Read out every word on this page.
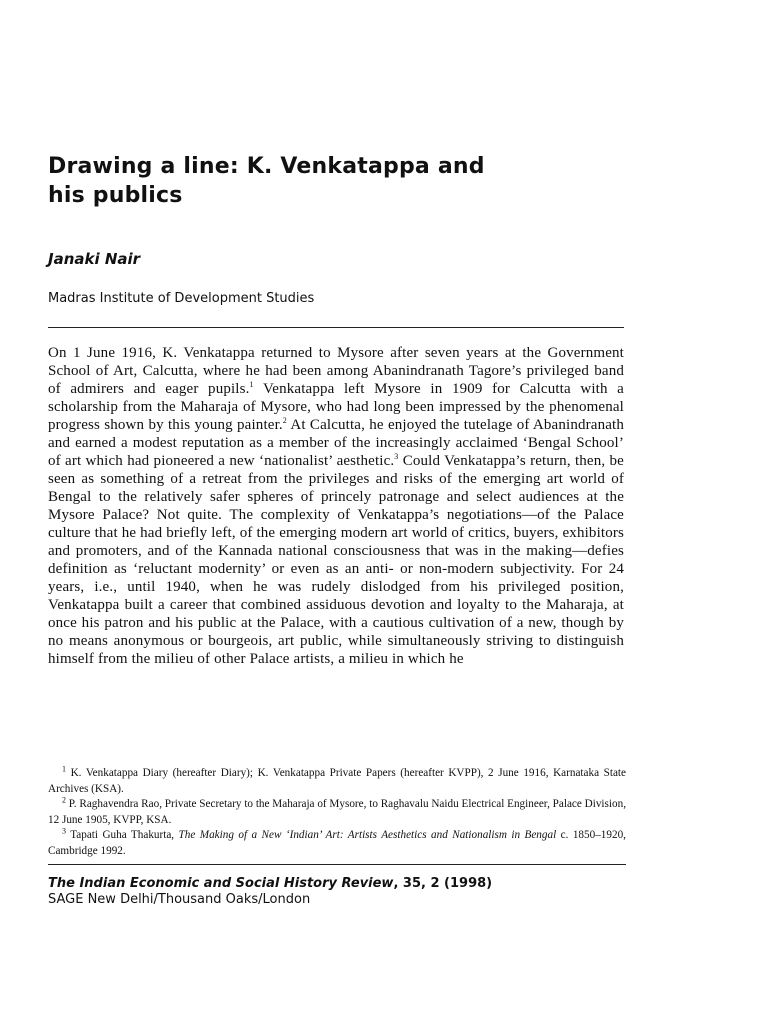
Drawing a line: K. Venkatappa and
his publics

Janaki Nair

Madras Institute of Development Studies

On 1 June 1916, K. Venkatappa returned to Mysore after seven years at the Government School of Art, Calcutta, where he had been among Abanindranath Tagore’s privileged band of admirers and eager pupils.$^1$ Venkatappa left Mysore in 1909 for Calcutta with a scholarship from the Maharaja of Mysore, who had long been impressed by the phenomenal progress shown by this young painter.$^2$ At Calcutta, he enjoyed the tutelage of Abanindranath and earned a modest reputation as a member of the increasingly acclaimed ‘Bengal School’ of art which had pioneered a new ‘nationalist’ aesthetic.$^3$ Could Venkatappa’s return, then, be seen as something of a retreat from the privileges and risks of the emerging art world of Bengal to the relatively safer spheres of princely patronage and select audiences at the Mysore Palace? Not quite. The complexity of Venkatappa’s negotiations—of the Palace culture that he had briefly left, of the emerging modern art world of critics, buyers, exhibitors and promoters, and of the Kannada national consciousness that was in the making—defies definition as ‘reluctant modernity’ or even as an anti- or non-modern subjectivity. For 24 years, i.e., until 1940, when he was rudely dislodged from his privileged position, Venkatappa built a career that combined assiduous devotion and loyalty to the Maharaja, at once his patron and his public at the Palace, with a cautious cultivation of a new, though by no means anonymous or bourgeois, art public, while simultaneously striving to distinguish himself from the milieu of other Palace artists, a milieu in which he

$^1$ K. Venkatappa Diary (hereafter Diary); K. Venkatappa Private Papers (hereafter KVPP), 2 June 1916, Karnataka State Archives (KSA).

$^2$ P. Raghavendra Rao, Private Secretary to the Maharaja of Mysore, to Raghavalu Naidu Electrical Engineer, Palace Division, 12 June 1905, KVPP, KSA.

$^3$ Tapati Guha Thakurta, The Making of a New ‘Indian’ Art: Artists Aesthetics and Nationalism in Bengal c. 1850–1920, Cambridge 1992.

The Indian Economic and Social History Review, 35, 2 (1998)

SAGE New Delhi/Thousand Oaks/London
